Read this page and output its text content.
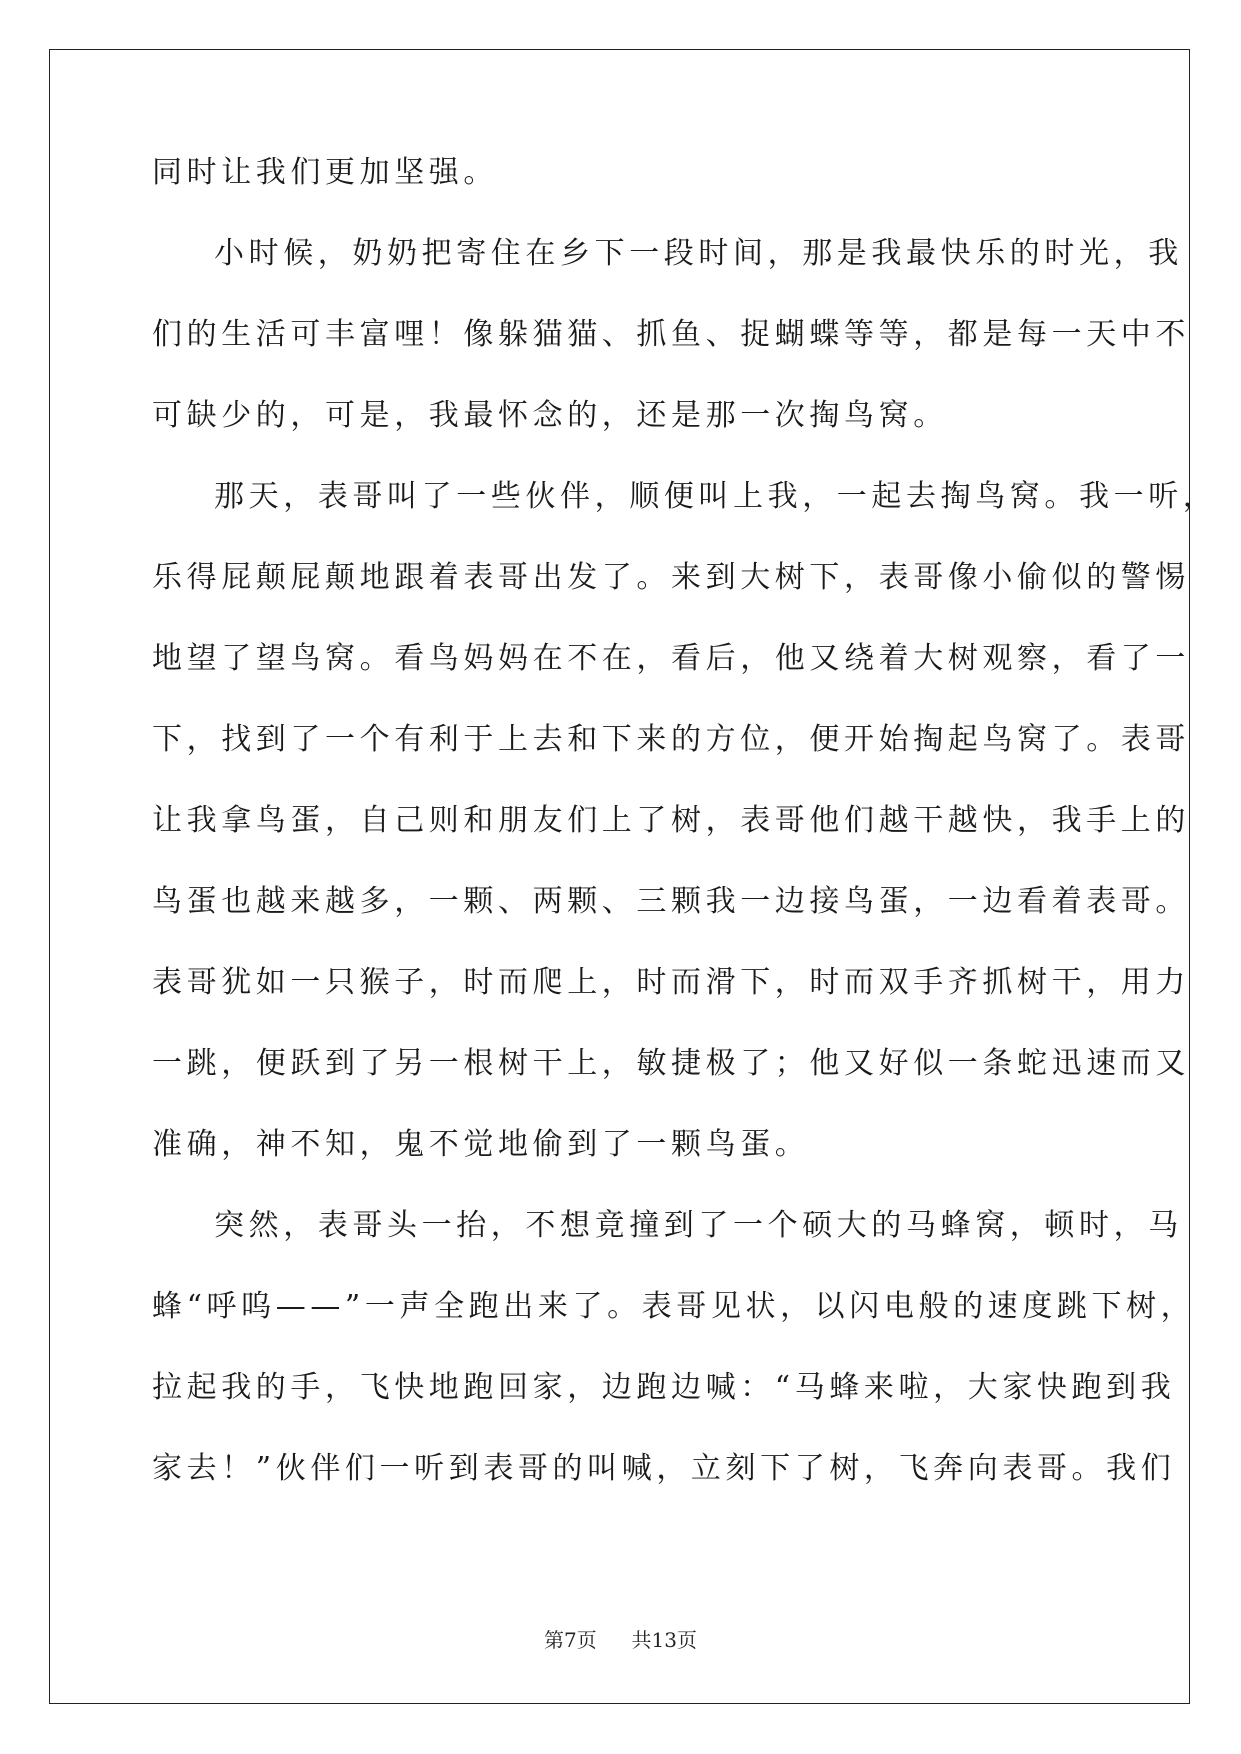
同时让我们更加坚强。
小时候，奶奶把寄住在乡下一段时间，那是我最快乐的时光，我
们的生活可丰富哩！像躲猫猫、抓鱼、捉蝴蝶等等，都是每一天中不
可缺少的，可是，我最怀念的，还是那一次掏鸟窝。
那天，表哥叫了一些伙伴，顺便叫上我，一起去掏鸟窝。我一听，
乐得屁颠屁颠地跟着表哥出发了。来到大树下，表哥像小偷似的警惕
地望了望鸟窝。看鸟妈妈在不在，看后，他又绕着大树观察，看了一
下，找到了一个有利于上去和下来的方位，便开始掏起鸟窝了。表哥
让我拿鸟蛋，自己则和朋友们上了树，表哥他们越干越快，我手上的
鸟蛋也越来越多，一颗、两颗、三颗我一边接鸟蛋，一边看着表哥。
表哥犹如一只猴子，时而爬上，时而滑下，时而双手齐抓树干，用力
一跳，便跃到了另一根树干上，敏捷极了；他又好似一条蛇迅速而又
准确，神不知，鬼不觉地偷到了一颗鸟蛋。
突然，表哥头一抬，不想竟撞到了一个硕大的马蜂窝，顿时，马
蜂“呼呜——”一声全跑出来了。表哥见状，以闪电般的速度跳下树，
拉起我的手，飞快地跑回家，边跑边喊：“马蜂来啦，大家快跑到我
家去！”伙伴们一听到表哥的叫喊，立刻下了树，飞奔向表哥。我们
第7页 共13页
